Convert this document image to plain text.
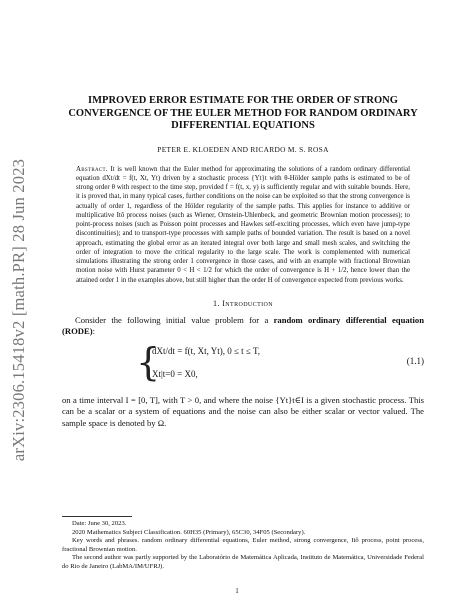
arXiv:2306.15418v2 [math.PR] 28 Jun 2023
IMPROVED ERROR ESTIMATE FOR THE ORDER OF STRONG CONVERGENCE OF THE EULER METHOD FOR RANDOM ORDINARY DIFFERENTIAL EQUATIONS
PETER E. KLOEDEN AND RICARDO M. S. ROSA
Abstract. It is well known that the Euler method for approximating the solutions of a random ordinary differential equation dXt/dt = f(t, Xt, Yt) driven by a stochastic process {Yt}t with θ-Hölder sample paths is estimated to be of strong order θ with respect to the time step, provided f = f(t, x, y) is sufficiently regular and with suitable bounds. Here, it is proved that, in many typical cases, further conditions on the noise can be exploited so that the strong convergence is actually of order 1, regardless of the Hölder regularity of the sample paths. This applies for instance to additive or multiplicative Itô process noises (such as Wiener, Ornstein-Uhlenbeck, and geometric Brownian motion processes); to point-process noises (such as Poisson point processes and Hawkes self-exciting processes, which even have jump-type discontinuities); and to transport-type processes with sample paths of bounded variation. The result is based on a novel approach, estimating the global error as an iterated integral over both large and small mesh scales, and switching the order of integration to move the critical regularity to the large scale. The work is complemented with numerical simulations illustrating the strong order 1 convergence in those cases, and with an example with fractional Brownian motion noise with Hurst parameter 0 < H < 1/2 for which the order of convergence is H + 1/2, hence lower than the attained order 1 in the examples above, but still higher than the order H of convergence expected from previous works.
1. Introduction

Consider the following initial value problem for a random ordinary differential equation (RODE):

{
dXt/dt = f(t, Xt, Yt), 0 ≤ t ≤ T,
Xt|t=0 = X0,
(1.1)

on a time interval I = [0, T], with T > 0, and where the noise {Yt}t∈I is a given stochastic process. This can be a scalar or a system of equations and the noise can also be either scalar or vector valued. The sample space is denoted by Ω.

Date: June 30, 2023.

2020 Mathematics Subject Classification. 60H35 (Primary), 65C30, 34F05 (Secondary).

Key words and phrases. random ordinary differential equations, Euler method, strong convergence, Itô process, point process, fractional Brownian motion.

The second author was partly supported by the Laboratório de Matemática Aplicada, Instituto de Matemática, Universidade Federal do Rio de Janeiro (LabMA/IM/UFRJ).

1
